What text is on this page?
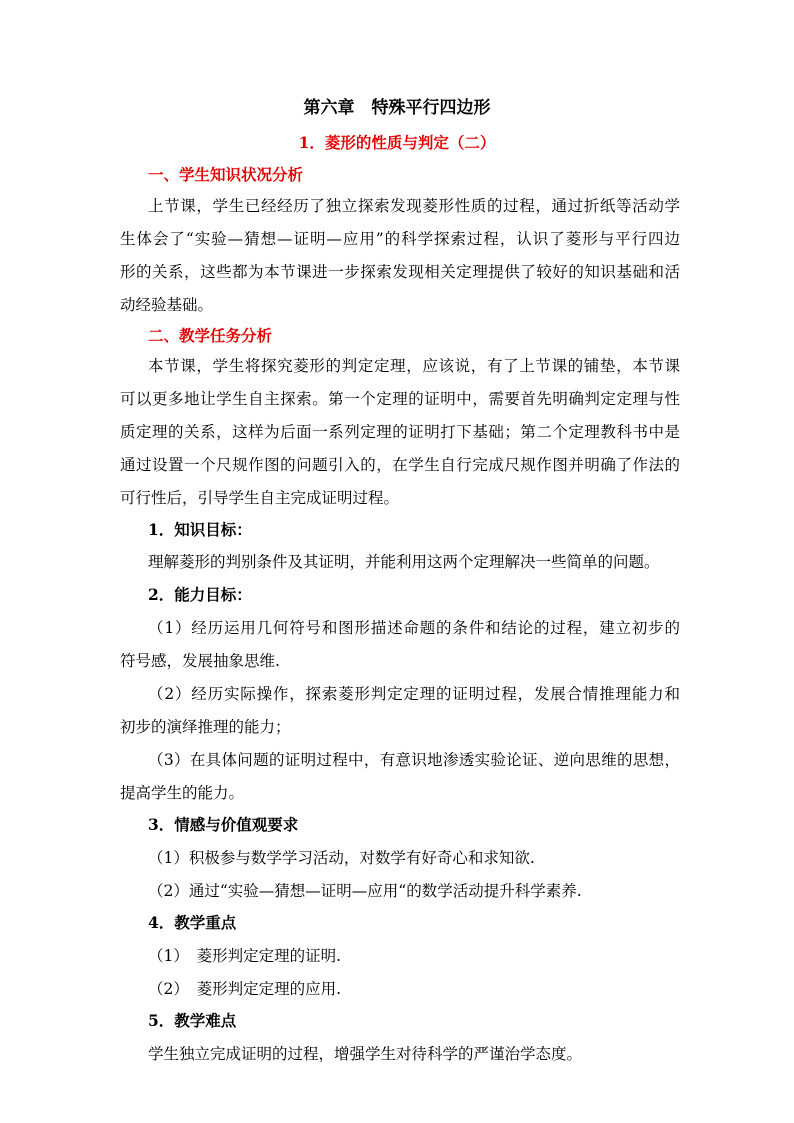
第六章　特殊平行四边形
1．菱形的性质与判定（二）
一、学生知识状况分析
上节课，学生已经经历了独立探索发现菱形性质的过程，通过折纸等活动学
生体会了“实验—猜想—证明—应用”的科学探索过程，认识了菱形与平行四边
形的关系，这些都为本节课进一步探索发现相关定理提供了较好的知识基础和活
动经验基础。
二、教学任务分析
本节课，学生将探究菱形的判定定理，应该说，有了上节课的铺垫，本节课
可以更多地让学生自主探索。第一个定理的证明中，需要首先明确判定定理与性
质定理的关系，这样为后面一系列定理的证明打下基础；第二个定理教科书中是
通过设置一个尺规作图的问题引入的，在学生自行完成尺规作图并明确了作法的
可行性后，引导学生自主完成证明过程。
1．知识目标：
理解菱形的判别条件及其证明，并能利用这两个定理解决一些简单的问题。
2．能力目标：
（1）经历运用几何符号和图形描述命题的条件和结论的过程，建立初步的
符号感，发展抽象思维.
（2）经历实际操作，探索菱形判定定理的证明过程，发展合情推理能力和
初步的演绎推理的能力；
（3）在具体问题的证明过程中，有意识地渗透实验论证、逆向思维的思想，
提高学生的能力。
3．情感与价值观要求
（1）积极参与数学学习活动，对数学有好奇心和求知欲.
（2）通过“实验—猜想—证明—应用“的数学活动提升科学素养.
4．教学重点
（1）　菱形判定定理的证明.
（2）　菱形判定定理的应用.
5．教学难点
学生独立完成证明的过程，增强学生对待科学的严谨治学态度。
